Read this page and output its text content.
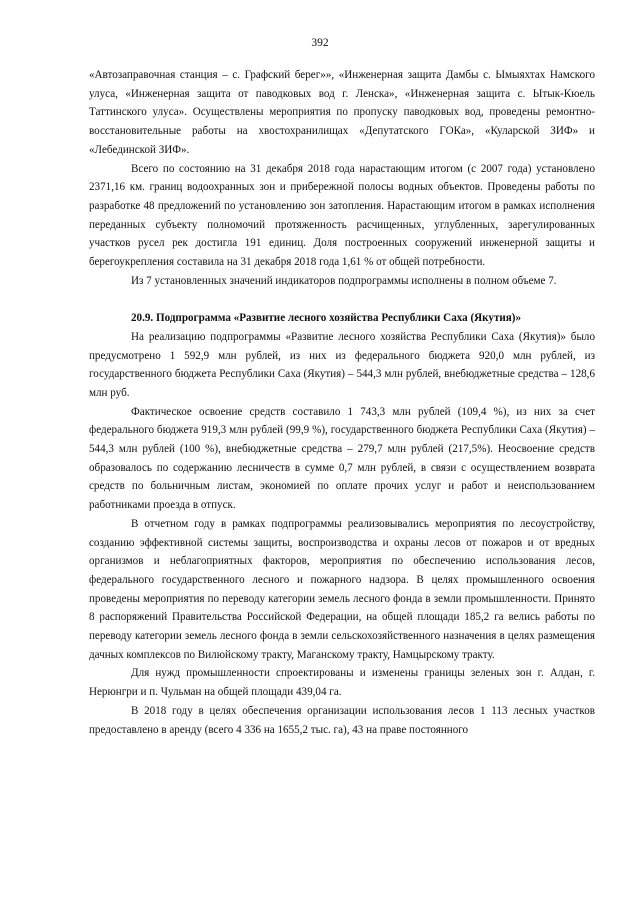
392

«Автозаправочная станция – с. Графский берег»», «Инженерная защита Дамбы с. Ымыяхтах Намского улуса, «Инженерная защита от паводковых вод г. Ленска», «Инженерная защита с. Ытык-Кюель Таттинского улуса». Осуществлены мероприятия по пропуску паводковых вод, проведены ремонтно-восстановительные работы на хвостохранилищах «Депутатского ГОКа», «Куларской ЗИФ» и «Лебединской ЗИФ».

Всего по состоянию на 31 декабря 2018 года нарастающим итогом (с 2007 года) установлено 2371,16 км. границ водоохранных зон и прибережной полосы водных объектов. Проведены работы по разработке 48 предложений по установлению зон затопления. Нарастающим итогом в рамках исполнения переданных субъекту полномочий протяженность расчищенных, углубленных, зарегулированных участков русел рек достигла 191 единиц. Доля построенных сооружений инженерной защиты и берегоукрепления составила на 31 декабря 2018 года 1,61 % от общей потребности.

Из 7 установленных значений индикаторов подпрограммы исполнены в полном объеме 7.

20.9. Подпрограмма «Развитие лесного хозяйства Республики Саха (Якутия)»

На реализацию подпрограммы «Развитие лесного хозяйства Республики Саха (Якутия)» было предусмотрено 1 592,9 млн рублей, из них из федерального бюджета 920,0 млн рублей, из государственного бюджета Республики Саха (Якутия) – 544,3 млн рублей, внебюджетные средства – 128,6 млн руб.

Фактическое освоение средств составило 1 743,3 млн рублей (109,4 %), из них за счет федерального бюджета 919,3 млн рублей (99,9 %), государственного бюджета Республики Саха (Якутия) – 544,3 млн рублей (100 %), внебюджетные средства – 279,7 млн рублей (217,5%). Неосвоение средств образовалось по содержанию лесничеств в сумме 0,7 млн рублей, в связи с осуществлением возврата средств по больничным листам, экономией по оплате прочих услуг и работ и неиспользованием работниками проезда в отпуск.

В отчетном году в рамках подпрограммы реализовывались мероприятия по лесоустройству, созданию эффективной системы защиты, воспроизводства и охраны лесов от пожаров и от вредных организмов и неблагоприятных факторов, мероприятия по обеспечению использования лесов, федерального государственного лесного и пожарного надзора. В целях промышленного освоения проведены мероприятия по переводу категории земель лесного фонда в земли промышленности. Принято 8 распоряжений Правительства Российской Федерации, на общей площади 185,2 га велись работы по переводу категории земель лесного фонда в земли сельскохозяйственного назначения в целях размещения дачных комплексов по Вилюйскому тракту, Маганскому тракту, Намцырскому тракту.

Для нужд промышленности спроектированы и изменены границы зеленых зон г. Алдан, г. Нерюнгри и п. Чульман на общей площади 439,04 га.

В 2018 году в целях обеспечения организации использования лесов 1 113 лесных участков предоставлено в аренду (всего 4 336 на 1655,2 тыс. га), 43 на праве постоянного
